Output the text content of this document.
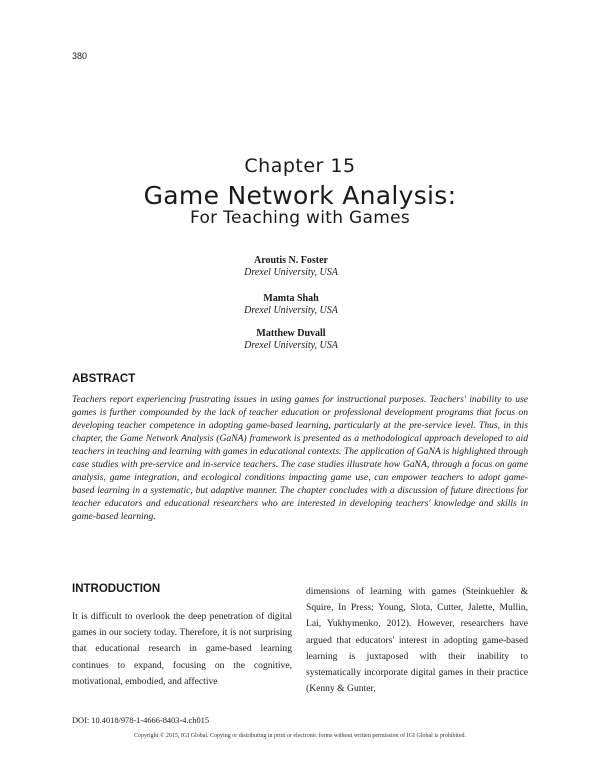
380
Chapter 15
Game Network Analysis:
For Teaching with Games
Aroutis N. Foster
Drexel University, USA
Mamta Shah
Drexel University, USA
Matthew Duvall
Drexel University, USA
ABSTRACT
Teachers report experiencing frustrating issues in using games for instructional purposes. Teachers' inability to use games is further compounded by the lack of teacher education or professional development programs that focus on developing teacher competence in adopting game-based learning, particularly at the pre-service level. Thus, in this chapter, the Game Network Analysis (GaNA) framework is presented as a methodological approach developed to aid teachers in teaching and learning with games in educational contexts. The application of GaNA is highlighted through case studies with pre-service and in-service teachers. The case studies illustrate how GaNA, through a focus on game analysis, game integration, and ecological conditions impacting game use, can empower teachers to adopt game-based learning in a systematic, but adaptive manner. The chapter concludes with a discussion of future directions for teacher educators and educational researchers who are interested in developing teachers' knowledge and skills in game-based learning.
INTRODUCTION
It is difficult to overlook the deep penetration of digital games in our society today. Therefore, it is not surprising that educational research in game-based learning continues to expand, focusing on the cognitive, motivational, embodied, and affective
dimensions of learning with games (Steinkuehler & Squire, In Press; Young, Slota, Cutter, Jalette, Mullin, Lai, Yukhymenko, 2012). However, researchers have argued that educators' interest in adopting game-based learning is juxtaposed with their inability to systematically incorporate digital games in their practice (Kenny & Gunter,
DOI: 10.4018/978-1-4666-8403-4.ch015
Copyright © 2015, IGI Global. Copying or distributing in print or electronic forms without written permission of IGI Global is prohibited.
